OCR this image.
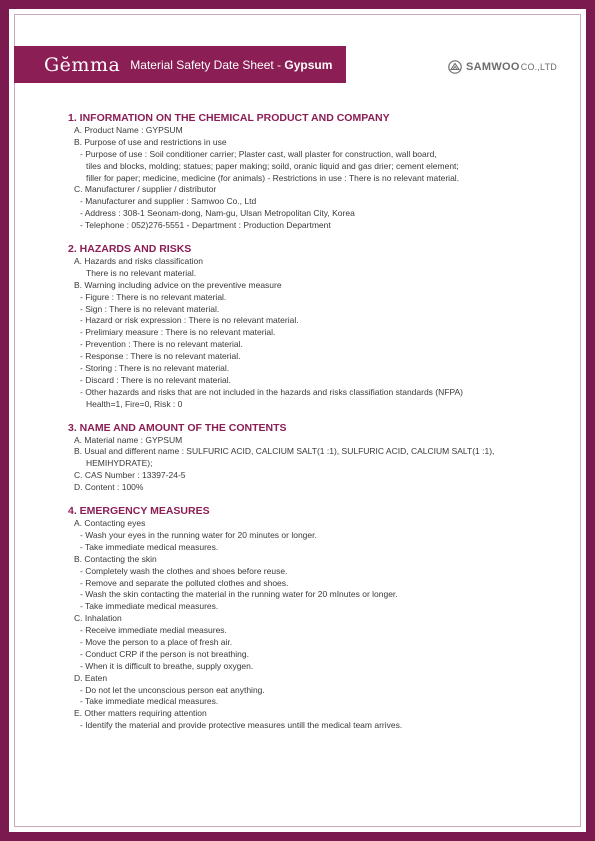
Gĕmma Material Safety Date Sheet - Gypsum	SAMWOO CO.,LTD
1. INFORMATION ON THE CHEMICAL PRODUCT AND COMPANY
A. Product Name : GYPSUM
B. Purpose of use and restrictions in use
- Purpose of use : Soil conditioner carrier; Plaster cast, wall plaster for construction, wall board,
tiles and blocks, molding; statues; paper making; soild, oranic liquid and gas drier; cement element;
filler for paper; medicine, medicine (for animals) - Restrictions in use : There is no relevant material.
C. Manufacturer / supplier / distributor
- Manufacturer and supplier : Samwoo Co., Ltd
- Address : 308-1 Seonam-dong, Nam-gu, Ulsan Metropolitan City, Korea
- Telephone : 052)276-5551 - Department : Production Department
2. HAZARDS AND RISKS
A. Hazards and risks classification
There is no relevant material.
B. Warning including advice on the preventive measure
- Figure : There is no relevant material.
- Sign : There is no relevant material.
- Hazard or risk expression : There is no relevant material.
- Prelimiary measure : There is no relevant material.
- Prevention : There is no relevant material.
- Response : There is no relevant material.
- Storing : There is no relevant material.
- Discard : There is no relevant material.
- Other hazards and risks that are not included in the hazards and risks classifiation standards (NFPA)
Health=1, Fire=0, Risk : 0
3. NAME AND AMOUNT OF THE CONTENTS
A. Material name : GYPSUM
B. Usual and different name : SULFURIC ACID, CALCIUM SALT(1 :1), SULFURIC ACID, CALCIUM SALT(1 :1),
HEMIHYDRATE);
C. CAS Number : 13397-24-5
D. Content : 100%
4. EMERGENCY MEASURES
A. Contacting eyes
- Wash your eyes in the running water for 20 minutes or longer.
- Take immediate medical measures.
B. Contacting the skin
- Completely wash the clothes and shoes before reuse.
- Remove and separate the polluted clothes and shoes.
- Wash the skin contacting the material in the running water for 20 mInutes or longer.
- Take immediate medical measures.
C. Inhalation
- Receive immediate medial measures.
- Move the person to a place of fresh air.
- Conduct CRP if the person is not breathing.
- When it is difficult to breathe, supply oxygen.
D. Eaten
- Do not let the unconscious person eat anything.
- Take immediate medical measures.
E. Other matters requiring attention
- Identify the material and provide protective measures untill the medical team arrives.
